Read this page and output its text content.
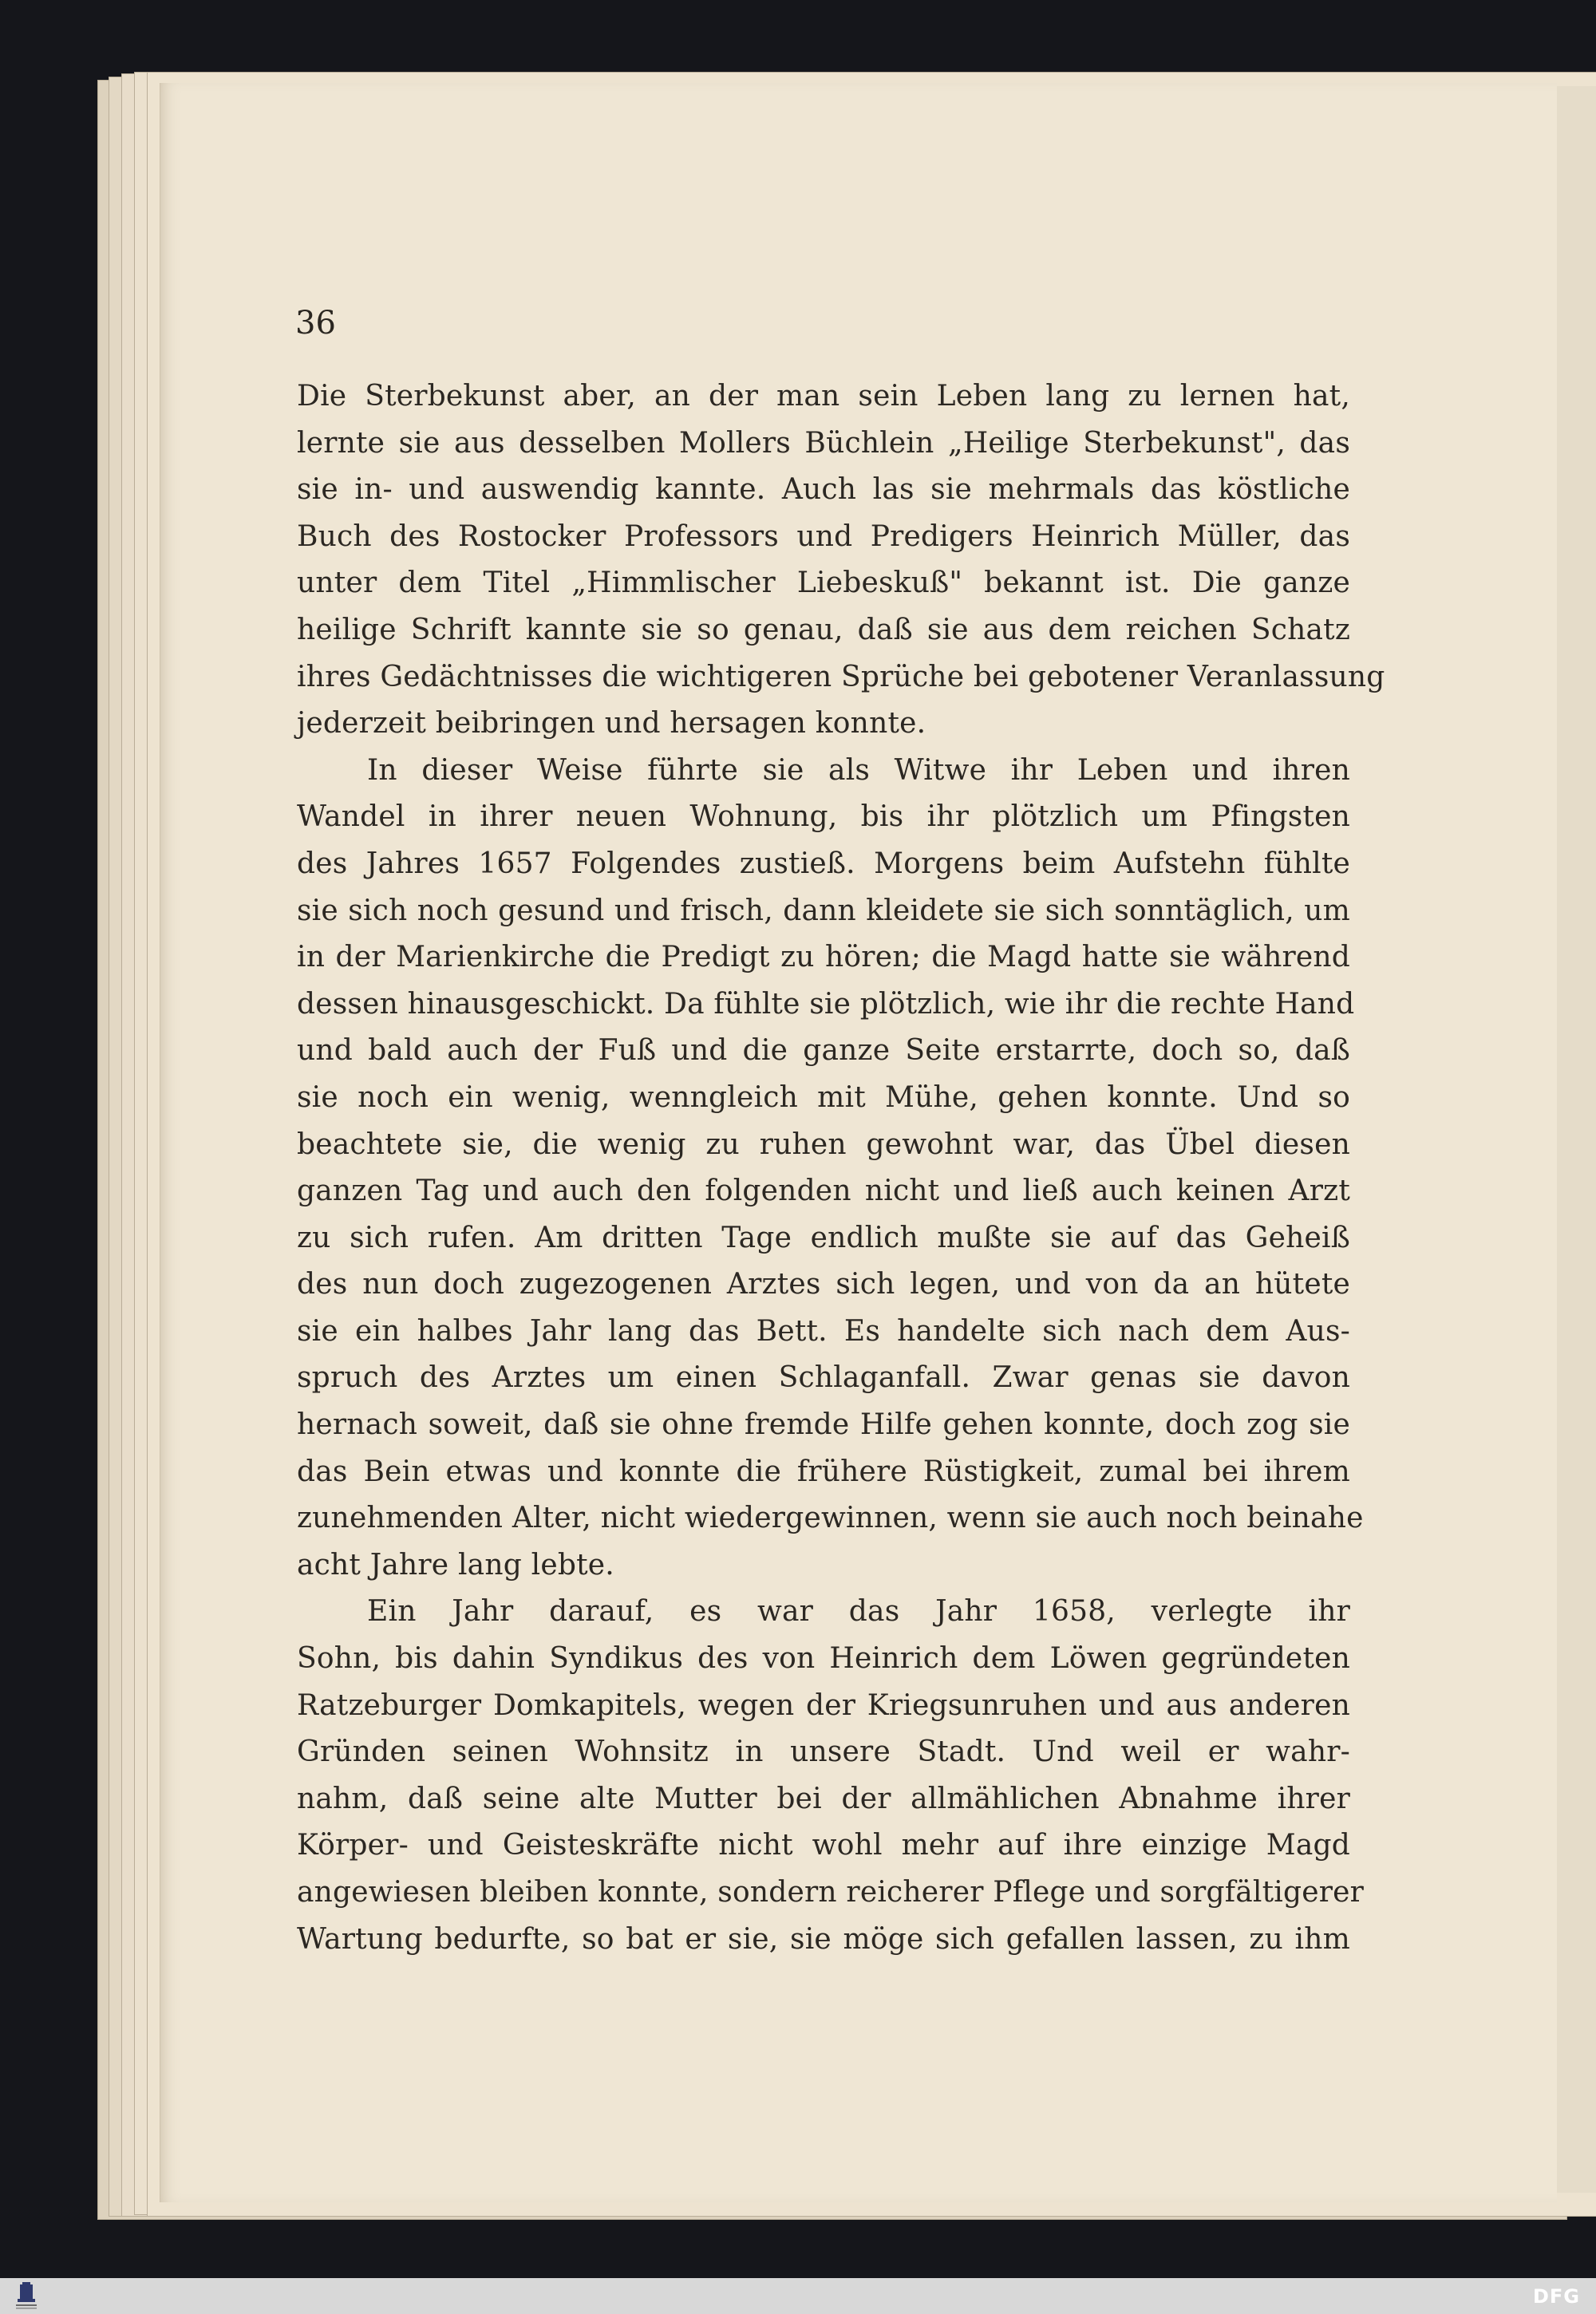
36
Die Sterbekunst aber, an der man sein Leben lang zu lernen hat,
lernte sie aus desselben Mollers Büchlein „Heilige Sterbekunst", das
sie in- und auswendig kannte. Auch las sie mehrmals das köstliche
Buch des Rostocker Professors und Predigers Heinrich Müller, das
unter dem Titel „Himmlischer Liebeskuß" bekannt ist. Die ganze
heilige Schrift kannte sie so genau, daß sie aus dem reichen Schatz
ihres Gedächtnisses die wichtigeren Sprüche bei gebotener Veranlassung
jederzeit beibringen und hersagen konnte.
In dieser Weise führte sie als Witwe ihr Leben und ihren
Wandel in ihrer neuen Wohnung, bis ihr plötzlich um Pfingsten
des Jahres 1657 Folgendes zustieß. Morgens beim Aufstehn fühlte
sie sich noch gesund und frisch, dann kleidete sie sich sonntäglich, um
in der Marienkirche die Predigt zu hören; die Magd hatte sie während
dessen hinausgeschickt. Da fühlte sie plötzlich, wie ihr die rechte Hand
und bald auch der Fuß und die ganze Seite erstarrte, doch so, daß
sie noch ein wenig, wenngleich mit Mühe, gehen konnte. Und so
beachtete sie, die wenig zu ruhen gewohnt war, das Übel diesen
ganzen Tag und auch den folgenden nicht und ließ auch keinen Arzt
zu sich rufen. Am dritten Tage endlich mußte sie auf das Geheiß
des nun doch zugezogenen Arztes sich legen, und von da an hütete
sie ein halbes Jahr lang das Bett. Es handelte sich nach dem Aus-
spruch des Arztes um einen Schlaganfall. Zwar genas sie davon
hernach soweit, daß sie ohne fremde Hilfe gehen konnte, doch zog sie
das Bein etwas und konnte die frühere Rüstigkeit, zumal bei ihrem
zunehmenden Alter, nicht wiedergewinnen, wenn sie auch noch beinahe
acht Jahre lang lebte.
Ein Jahr darauf, es war das Jahr 1658, verlegte ihr
Sohn, bis dahin Syndikus des von Heinrich dem Löwen gegründeten
Ratzeburger Domkapitels, wegen der Kriegsunruhen und aus anderen
Gründen seinen Wohnsitz in unsere Stadt. Und weil er wahr-
nahm, daß seine alte Mutter bei der allmählichen Abnahme ihrer
Körper- und Geisteskräfte nicht wohl mehr auf ihre einzige Magd
angewiesen bleiben konnte, sondern reicherer Pflege und sorgfältigerer
Wartung bedurfte, so bat er sie, sie möge sich gefallen lassen, zu ihm
DFG
